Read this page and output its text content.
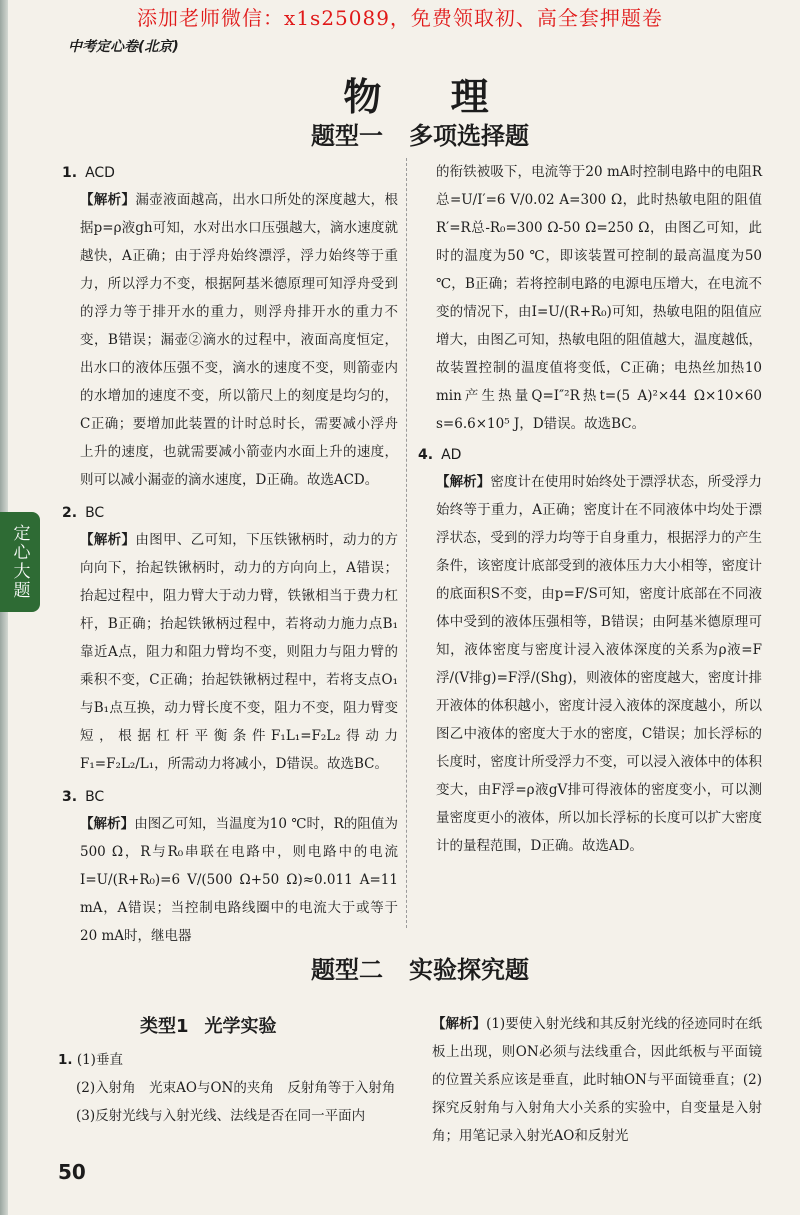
添加老师微信：x1s25089，免费领取初、高全套押题卷
中考定心卷(北京)
定心大题
物 理
题型一 多项选择题
1. ACD

【解析】漏壶液面越高，出水口所处的深度越大，根据p=ρ液gh可知，水对出水口压强越大，滴水速度就越快，A正确；由于浮舟始终漂浮，浮力始终等于重力，所以浮力不变，根据阿基米德原理可知浮舟受到的浮力等于排开水的重力，则浮舟排开水的重力不变，B错误；漏壶②滴水的过程中，液面高度恒定，出水口的液体压强不变，滴水的速度不变，则箭壶内的水增加的速度不变，所以箭尺上的刻度是均匀的，C正确；要增加此装置的计时总时长，需要减小浮舟上升的速度，也就需要减小箭壶内水面上升的速度，则可以减小漏壶的滴水速度，D正确。故选ACD。

2. BC

【解析】由图甲、乙可知，下压铁锹柄时，动力的方向向下，抬起铁锹柄时，动力的方向向上，A错误；抬起过程中，阻力臂大于动力臂，铁锹相当于费力杠杆，B正确；抬起铁锹柄过程中，若将动力施力点B₁靠近A点，阻力和阻力臂均不变，则阻力与阻力臂的乘积不变，C正确；抬起铁锹柄过程中，若将支点O₁与B₁点互换，动力臂长度不变，阻力不变，阻力臂变短，根据杠杆平衡条件F₁L₁=F₂L₂得动力F₁=F₂L₂/L₁，所需动力将减小，D错误。故选BC。

3. BC

【解析】由图乙可知，当温度为10 ℃时，R的阻值为500 Ω，R与R₀串联在电路中，则电路中的电流I=U/(R+R₀)=6 V/(500 Ω+50 Ω)≈0.011 A=11 mA，A错误；当控制电路线圈中的电流大于或等于20 mA时，继电器

的衔铁被吸下，电流等于20 mA时控制电路中的电阻R总=U/I′=6 V/0.02 A=300 Ω，此时热敏电阻的阻值R′=R总-R₀=300 Ω-50 Ω=250 Ω，由图乙可知，此时的温度为50 ℃，即该装置可控制的最高温度为50 ℃，B正确；若将控制电路的电源电压增大，在电流不变的情况下，由I=U/(R+R₀)可知，热敏电阻的阻值应增大，由图乙可知，热敏电阻的阻值越大，温度越低，故装置控制的温度值将变低，C正确；电热丝加热10 min产生热量Q=I″²R热t=(5 A)²×44 Ω×10×60 s=6.6×10⁵ J，D错误。故选BC。

4. AD

【解析】密度计在使用时始终处于漂浮状态，所受浮力始终等于重力，A正确；密度计在不同液体中均处于漂浮状态，受到的浮力均等于自身重力，根据浮力的产生条件，该密度计底部受到的液体压力大小相等，密度计的底面积S不变，由p=F/S可知，密度计底部在不同液体中受到的液体压强相等，B错误；由阿基米德原理可知，液体密度与密度计浸入液体深度的关系为ρ液=F浮/(V排g)=F浮/(Shg)，则液体的密度越大，密度计排开液体的体积越小，密度计浸入液体的深度越小，所以图乙中液体的密度大于水的密度，C错误；加长浮标的长度时，密度计所受浮力不变，可以浸入液体中的体积变大，由F浮=ρ液gV排可得液体的密度变小，可以测量密度更小的液体，所以加长浮标的长度可以扩大密度计的量程范围，D正确。故选AD。

题型二 实验探究题
类型1 光学实验

1. (1)垂直

(2)入射角　光束AO与ON的夹角　反射角等于入射角

(3)反射光线与入射光线、法线是否在同一平面内

【解析】(1)要使入射光线和其反射光线的径迹同时在纸板上出现，则ON必须与法线重合，因此纸板与平面镜的位置关系应该是垂直，此时轴ON与平面镜垂直；(2)探究反射角与入射角大小关系的实验中，自变量是入射角；用笔记录入射光AO和反射光

50
